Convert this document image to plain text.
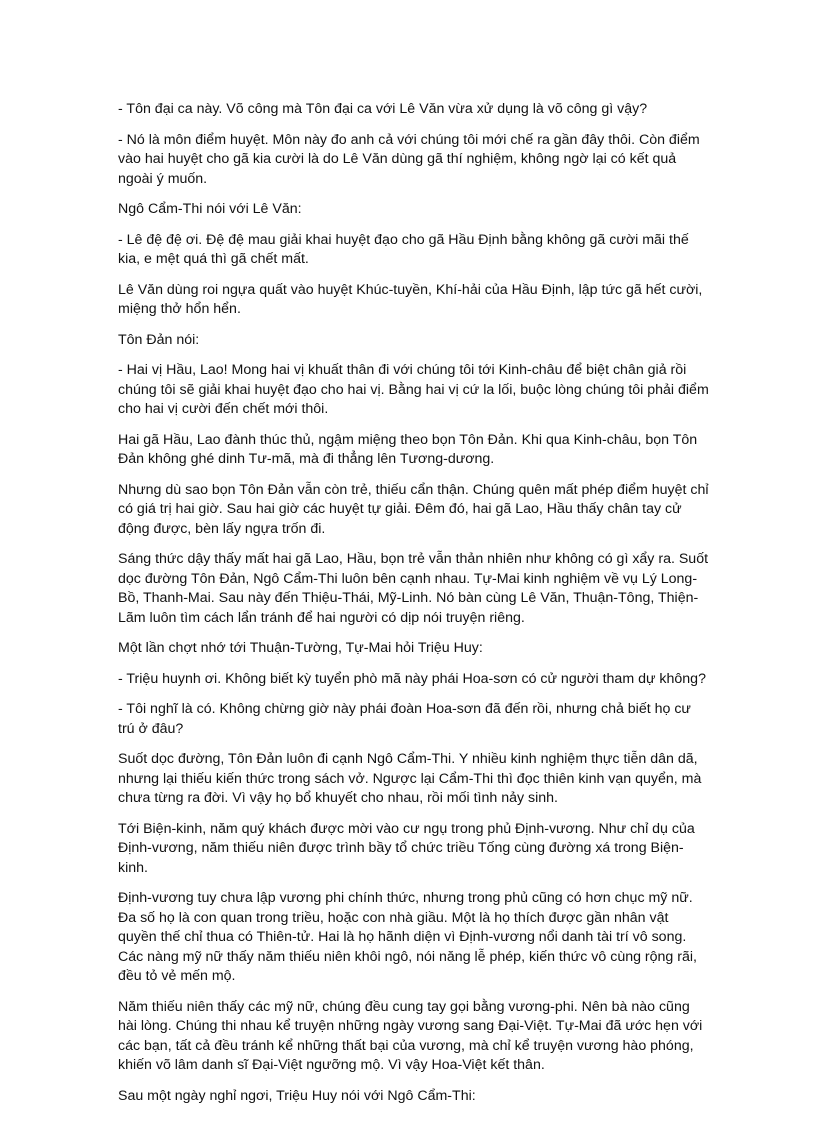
- Tôn đại ca này. Võ công mà Tôn đại ca với Lê Văn vừa xử dụng là võ công gì vậy?

- Nó là môn điểm huyệt. Môn này đo anh cả với chúng tôi mới chế ra gần đây thôi. Còn điểm vào hai huyệt cho gã kia cười là do Lê Văn dùng gã thí nghiệm, không ngờ lại có kết quả ngoài ý muốn.

Ngô Cẩm-Thi nói với Lê Văn:

- Lê đệ đệ ơi. Đệ đệ mau giải khai huyệt đạo cho gã Hầu Định bằng không gã cười mãi thế kia, e mệt quá thì gã chết mất.

Lê Văn dùng roi ngựa quất vào huyệt Khúc-tuyền, Khí-hải của Hầu Định, lập tức gã hết cười, miệng thở hổn hển.

Tôn Đản nói:

- Hai vị Hầu, Lao! Mong hai vị khuất thân đi với chúng tôi tới Kinh-châu để biệt chân giả rồi chúng tôi sẽ giải khai huyệt đạo cho hai vị. Bằng hai vị cứ la lối, buộc lòng chúng tôi phải điểm cho hai vị cười đến chết mới thôi.

Hai gã Hầu, Lao đành thúc thủ, ngậm miệng theo bọn Tôn Đản. Khi qua Kinh-châu, bọn Tôn Đản không ghé dinh Tư-mã, mà đi thẳng lên Tương-dương.

Nhưng dù sao bọn Tôn Đản vẫn còn trẻ, thiếu cẩn thận. Chúng quên mất phép điểm huyệt chỉ có giá trị hai giờ. Sau hai giờ các huyệt tự giải. Đêm đó, hai gã Lao, Hầu thấy chân tay cử động được, bèn lấy ngựa trốn đi.

Sáng thức dậy thấy mất hai gã Lao, Hầu, bọn trẻ vẫn thản nhiên như không có gì xẩy ra. Suốt dọc đường Tôn Đản, Ngô Cẩm-Thi luôn bên cạnh nhau. Tự-Mai kinh nghiệm về vụ Lý Long-Bồ, Thanh-Mai. Sau này đến Thiệu-Thái, Mỹ-Linh. Nó bàn cùng Lê Văn, Thuận-Tông, Thiện-Lãm luôn tìm cách lẩn tránh để hai người có dịp nói truyện riêng.

Một lần chợt nhớ tới Thuận-Tường, Tự-Mai hỏi Triệu Huy:

- Triệu huynh ơi. Không biết kỳ tuyển phò mã này phái Hoa-sơn có cử người tham dự không?

- Tôi nghĩ là có. Không chừng giờ này phái đoàn Hoa-sơn đã đến rồi, nhưng chả biết họ cư trú ở đâu?

Suốt dọc đường, Tôn Đản luôn đi cạnh Ngô Cẩm-Thi. Y nhiều kinh nghiệm thực tiễn dân dã, nhưng lại thiếu kiến thức trong sách vở. Ngược lại Cẩm-Thi thì đọc thiên kinh vạn quyển, mà chưa từng ra đời. Vì vậy họ bổ khuyết cho nhau, rồi mối tình nảy sinh.

Tới Biện-kinh, năm quý khách được mời vào cư ngụ trong phủ Định-vương. Như chỉ dụ của Định-vương, năm thiếu niên được trình bầy tổ chức triều Tống cùng đường xá trong Biện-kinh.

Định-vương tuy chưa lập vương phi chính thức, nhưng trong phủ cũng có hơn chục mỹ nữ. Đa số họ là con quan trong triều, hoặc con nhà giầu. Một là họ thích được gần nhân vật quyền thế chỉ thua có Thiên-tử. Hai là họ hãnh diện vì Định-vương nổi danh tài trí vô song. Các nàng mỹ nữ thấy năm thiếu niên khôi ngô, nói năng lễ phép, kiến thức vô cùng rộng rãi, đều tỏ vẻ mến mộ.

Năm thiếu niên thấy các mỹ nữ, chúng đều cung tay gọi bằng vương-phi. Nên bà nào cũng hài lòng. Chúng thi nhau kể truyện những ngày vương sang Đại-Việt. Tự-Mai đã ước hẹn với các bạn, tất cả đều tránh kể những thất bại của vương, mà chỉ kể truyện vương hào phóng, khiến võ lâm danh sĩ Đại-Việt ngưỡng mộ. Vì vậy Hoa-Việt kết thân.

Sau một ngày nghỉ ngơi, Triệu Huy nói với Ngô Cẩm-Thi:
